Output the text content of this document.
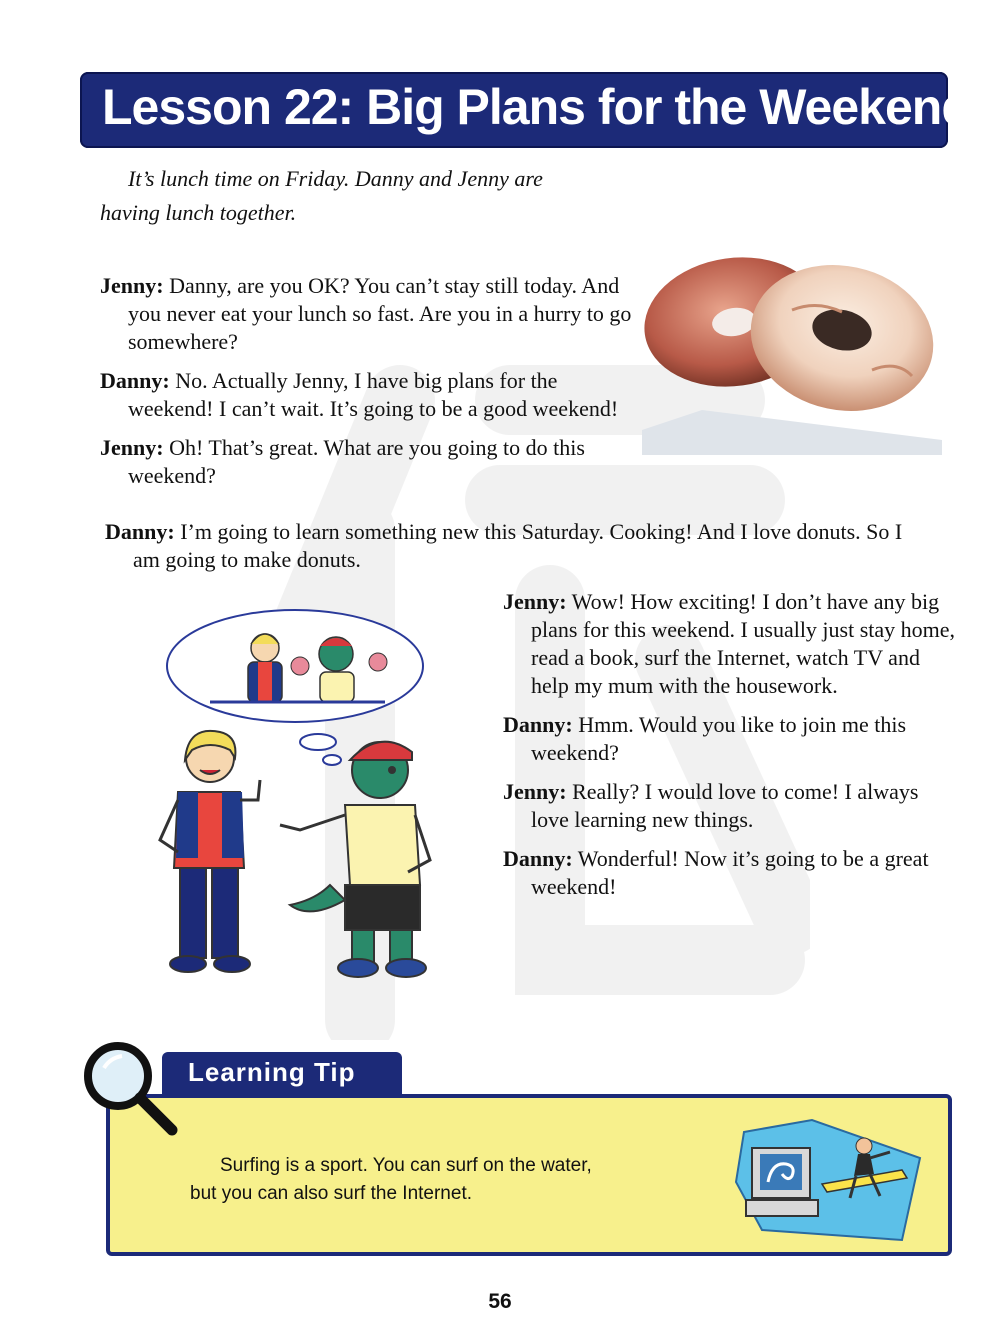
Lesson 22: Big Plans for the Weekend
It’s lunch time on Friday. Danny and Jenny are
having lunch together.

Jenny: Danny, are you OK? You can’t stay still today. And you never eat your lunch so fast. Are you in a hurry to go somewhere?

Danny: No. Actually Jenny, I have big plans for the weekend! I can’t wait. It’s going to be a good weekend!

Jenny: Oh! That’s great. What are you going to do this weekend?

Danny: I’m going to learn something new this Saturday. Cooking! And I love donuts. So I am going to make donuts.

Jenny: Wow! How exciting! I don’t have any big plans for this weekend. I usually just stay home, read a book, surf the Internet, watch TV and help my mum with the housework.

Danny: Hmm. Would you like to join me this weekend?

Jenny: Really? I would love to come! I always love learning new things.

Danny: Wonderful! Now it’s going to be a great weekend!

Learning Tip
Surfing is a sport. You can surf on the water,
but you can also surf the Internet.
56
